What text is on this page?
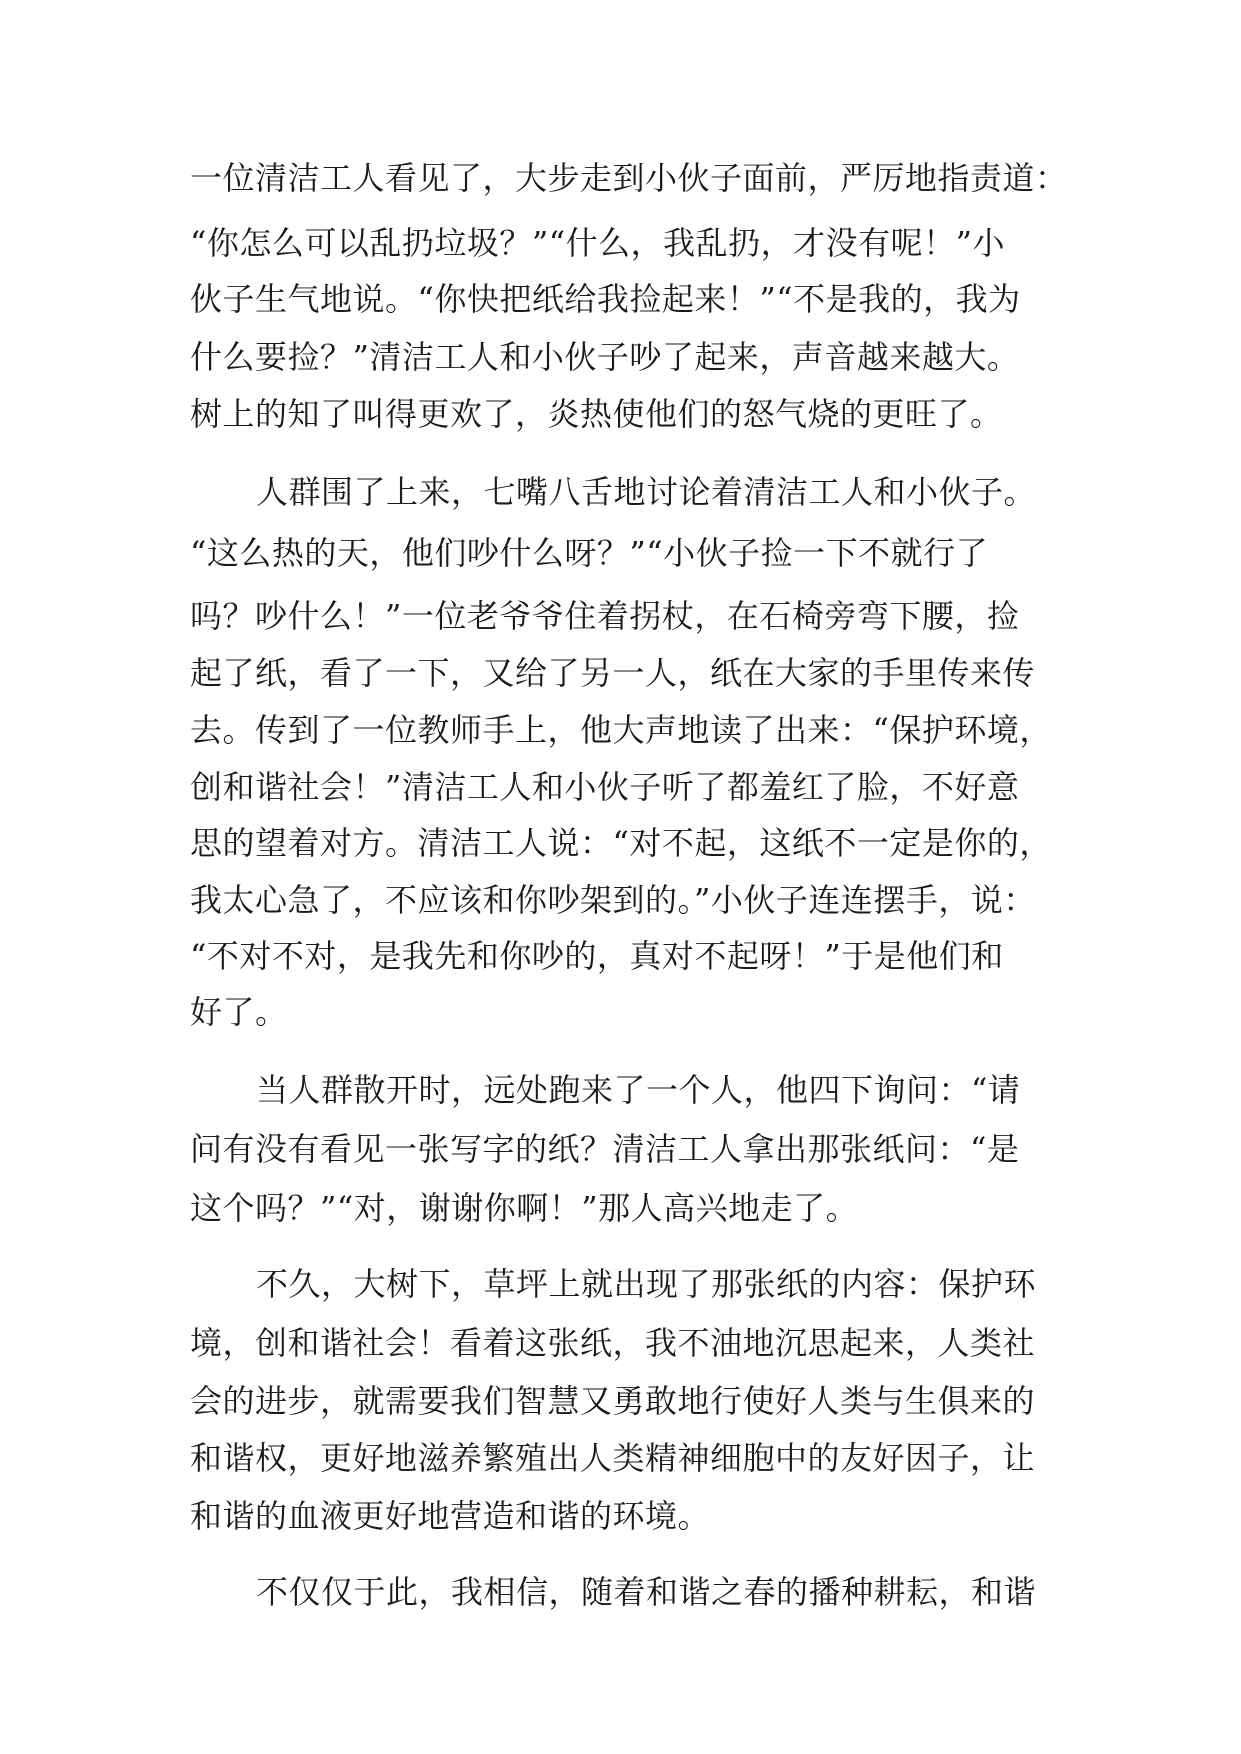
一位清洁工人看见了，大步走到小伙子面前，严厉地指责道：
“你怎么可以乱扔垃圾？”“什么，我乱扔，才没有呢！”小
伙子生气地说。“你快把纸给我捡起来！”“不是我的，我为
什么要捡？”清洁工人和小伙子吵了起来，声音越来越大。
树上的知了叫得更欢了，炎热使他们的怒气烧的更旺了。
人群围了上来，七嘴八舌地讨论着清洁工人和小伙子。
“这么热的天，他们吵什么呀？”“小伙子捡一下不就行了
吗？吵什么！”一位老爷爷住着拐杖，在石椅旁弯下腰，捡
起了纸，看了一下，又给了另一人，纸在大家的手里传来传
去。传到了一位教师手上，他大声地读了出来：“保护环境，
创和谐社会！”清洁工人和小伙子听了都羞红了脸，不好意
思的望着对方。清洁工人说：“对不起，这纸不一定是你的，
我太心急了，不应该和你吵架到的。”小伙子连连摆手，说：
“不对不对，是我先和你吵的，真对不起呀！”于是他们和
好了。
当人群散开时，远处跑来了一个人，他四下询问：“请
问有没有看见一张写字的纸？清洁工人拿出那张纸问：“是
这个吗？”“对，谢谢你啊！”那人高兴地走了。
不久，大树下，草坪上就出现了那张纸的内容：保护环
境，创和谐社会！看着这张纸，我不油地沉思起来，人类社
会的进步，就需要我们智慧又勇敢地行使好人类与生俱来的
和谐权，更好地滋养繁殖出人类精神细胞中的友好因子，让
和谐的血液更好地营造和谐的环境。
不仅仅于此，我相信，随着和谐之春的播种耕耘，和谐
